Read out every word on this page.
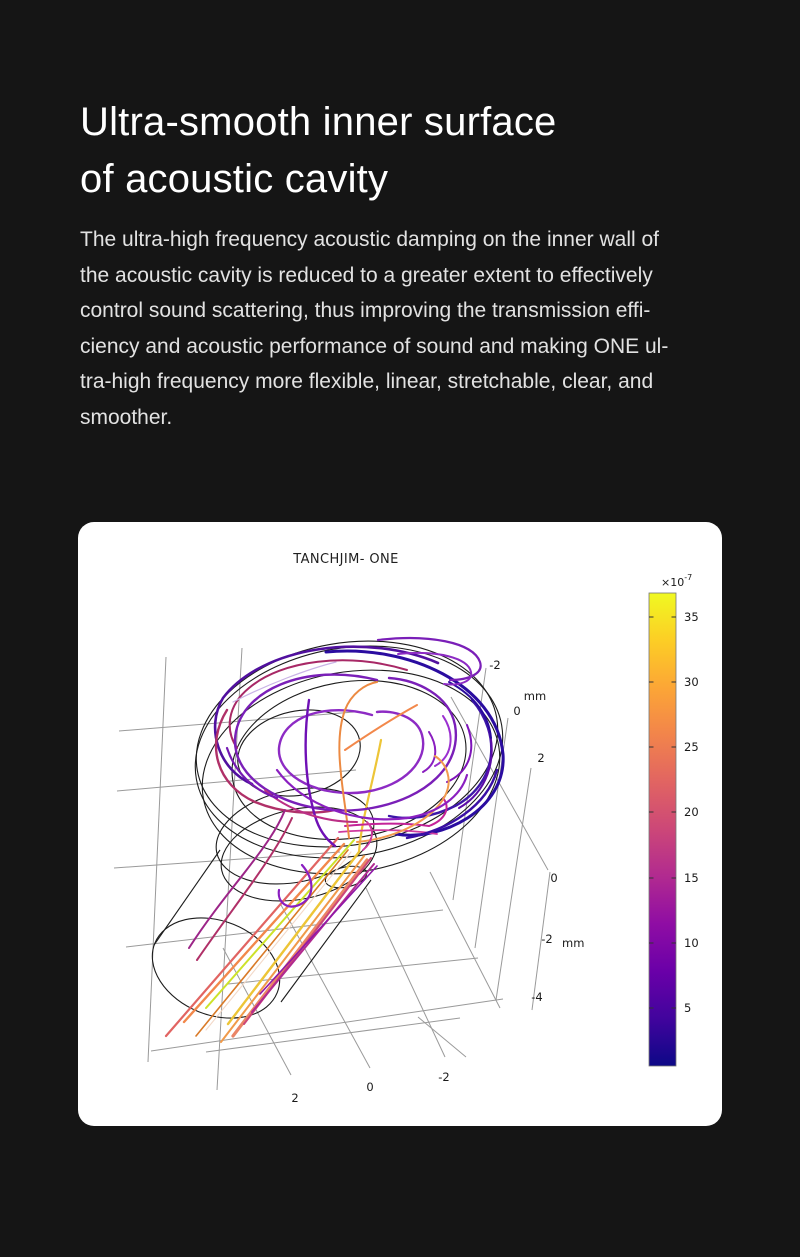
Ultra-smooth inner surface
of acoustic cavity
The ultra-high frequency acoustic damping on the inner wall of
the acoustic cavity is reduced to a greater extent to effectively
control sound scattering, thus improving the transmission effi-
ciency and acoustic performance of sound and making ONE ul-
tra-high frequency more flexible, linear, stretchable, clear, and
smoother.
TANCHJIM- ONE
-2
0
2
mm
0
-2 mm
-4
2
0
-2
$\times 10^{-7}$
35
30
25
20
15
10
5
